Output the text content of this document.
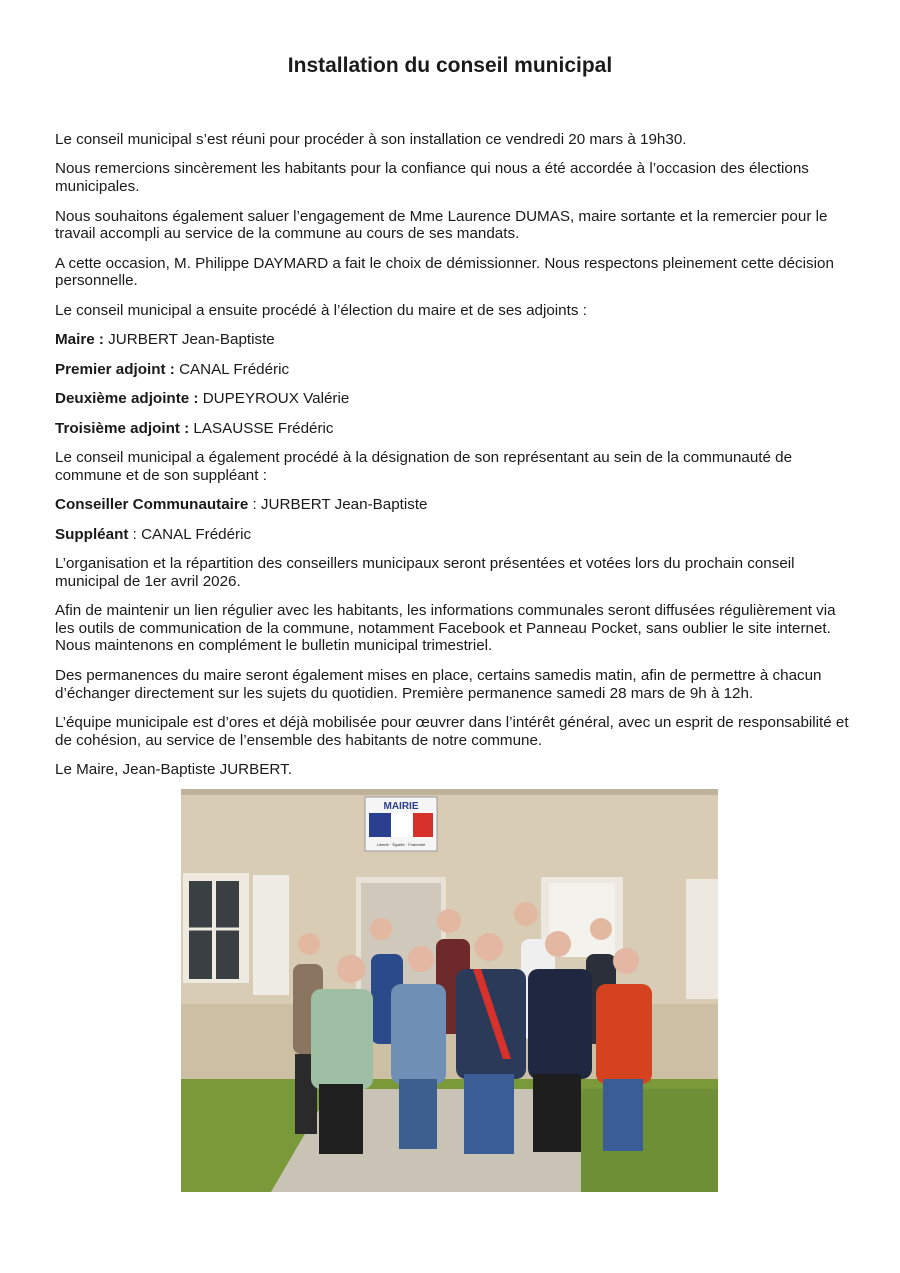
Installation du conseil municipal

Le conseil municipal s’est réuni pour procéder à son installation ce vendredi 20 mars à 19h30.

Nous remercions sincèrement les habitants pour la confiance qui nous a été accordée à l’occasion des élections municipales.

Nous souhaitons également saluer l’engagement de Mme Laurence DUMAS, maire sortante et la remercier pour le travail accompli au service de la commune au cours de ses mandats.

A cette occasion, M. Philippe DAYMARD a fait le choix de démissionner. Nous respectons pleinement cette décision personnelle.

Le conseil municipal a ensuite procédé à l’élection du maire et de ses adjoints :

Maire : JURBERT Jean-Baptiste

Premier adjoint : CANAL Frédéric

Deuxième adjointe : DUPEYROUX Valérie

Troisième adjoint : LASAUSSE Frédéric

Le conseil municipal a également procédé à la désignation de son représentant au sein de la communauté de commune et de son suppléant :

Conseiller Communautaire : JURBERT Jean-Baptiste

Suppléant : CANAL Frédéric

L’organisation et la répartition des conseillers municipaux seront présentées et votées lors du prochain conseil municipal de 1er avril 2026.

Afin de maintenir un lien régulier avec les habitants, les informations communales seront diffusées régulièrement via les outils de communication de la commune, notamment Facebook et Panneau Pocket, sans oublier le site internet. Nous maintenons en complément le bulletin municipal trimestriel.

Des permanences du maire seront également mises en place, certains samedis matin, afin de permettre à chacun d’échanger directement sur les sujets du quotidien. Première permanence samedi 28 mars de 9h à 12h.

L’équipe municipale est d’ores et déjà mobilisée pour œuvrer dans l’intérêt général, avec un esprit de responsabilité et de cohésion, au service de l’ensemble des habitants de notre commune.

Le Maire, Jean-Baptiste JURBERT.

MAIRIE
Liberté · Égalité · Fraternité
